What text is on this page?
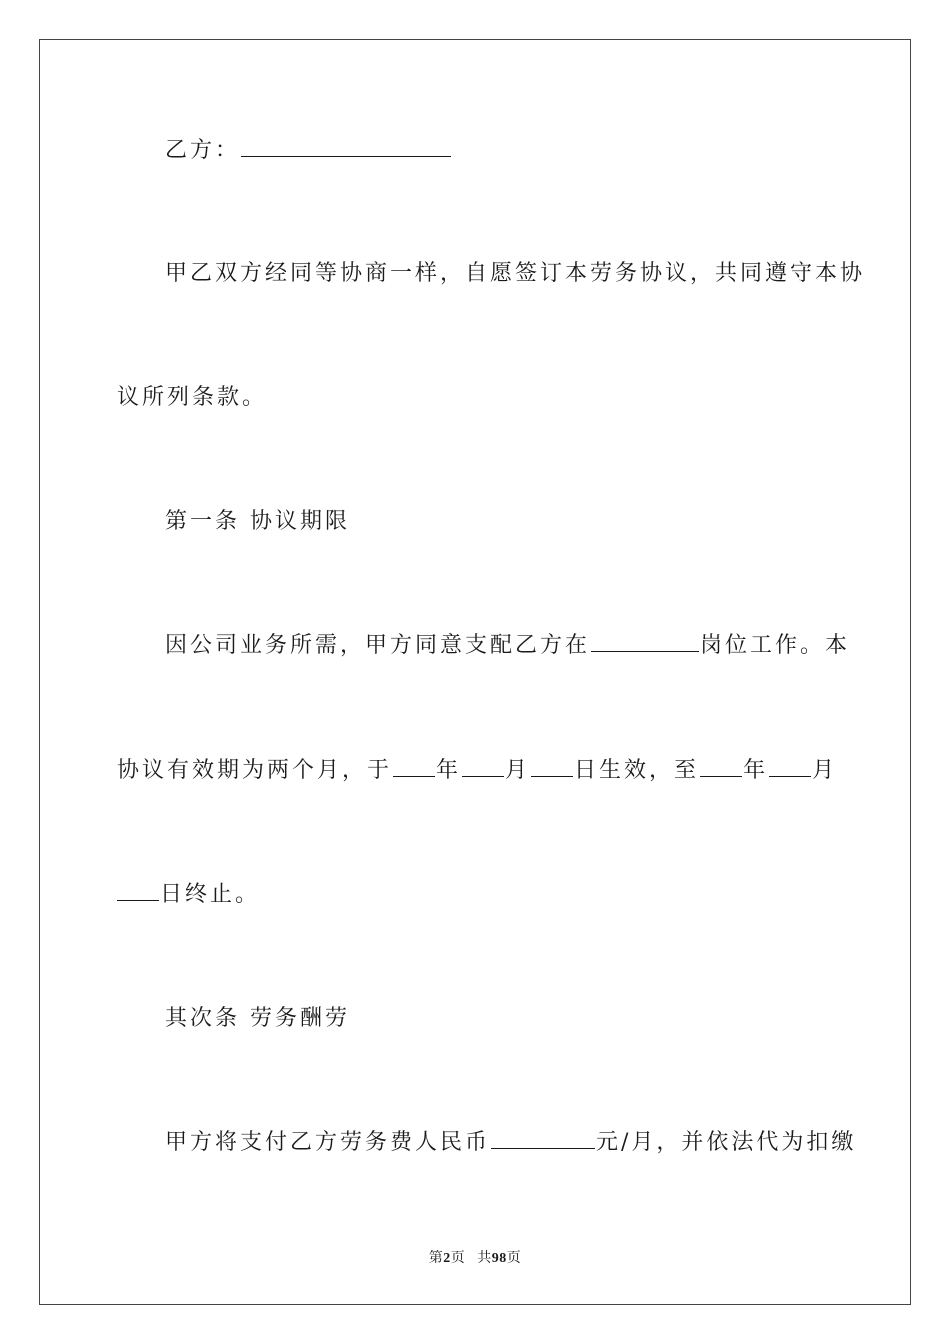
乙方：
甲乙双方经同等协商一样，自愿签订本劳务协议，共同遵守本协
议所列条款。
第一条 协议期限
因公司业务所需，甲方同意支配乙方在	岗位工作。本
协议有效期为两个月，于 年 月 日生效，至 年 月
日终止。
其次条 劳务酬劳
甲方将支付乙方劳务费人民币	元/月，并依法代为扣缴
第2页 共98页
